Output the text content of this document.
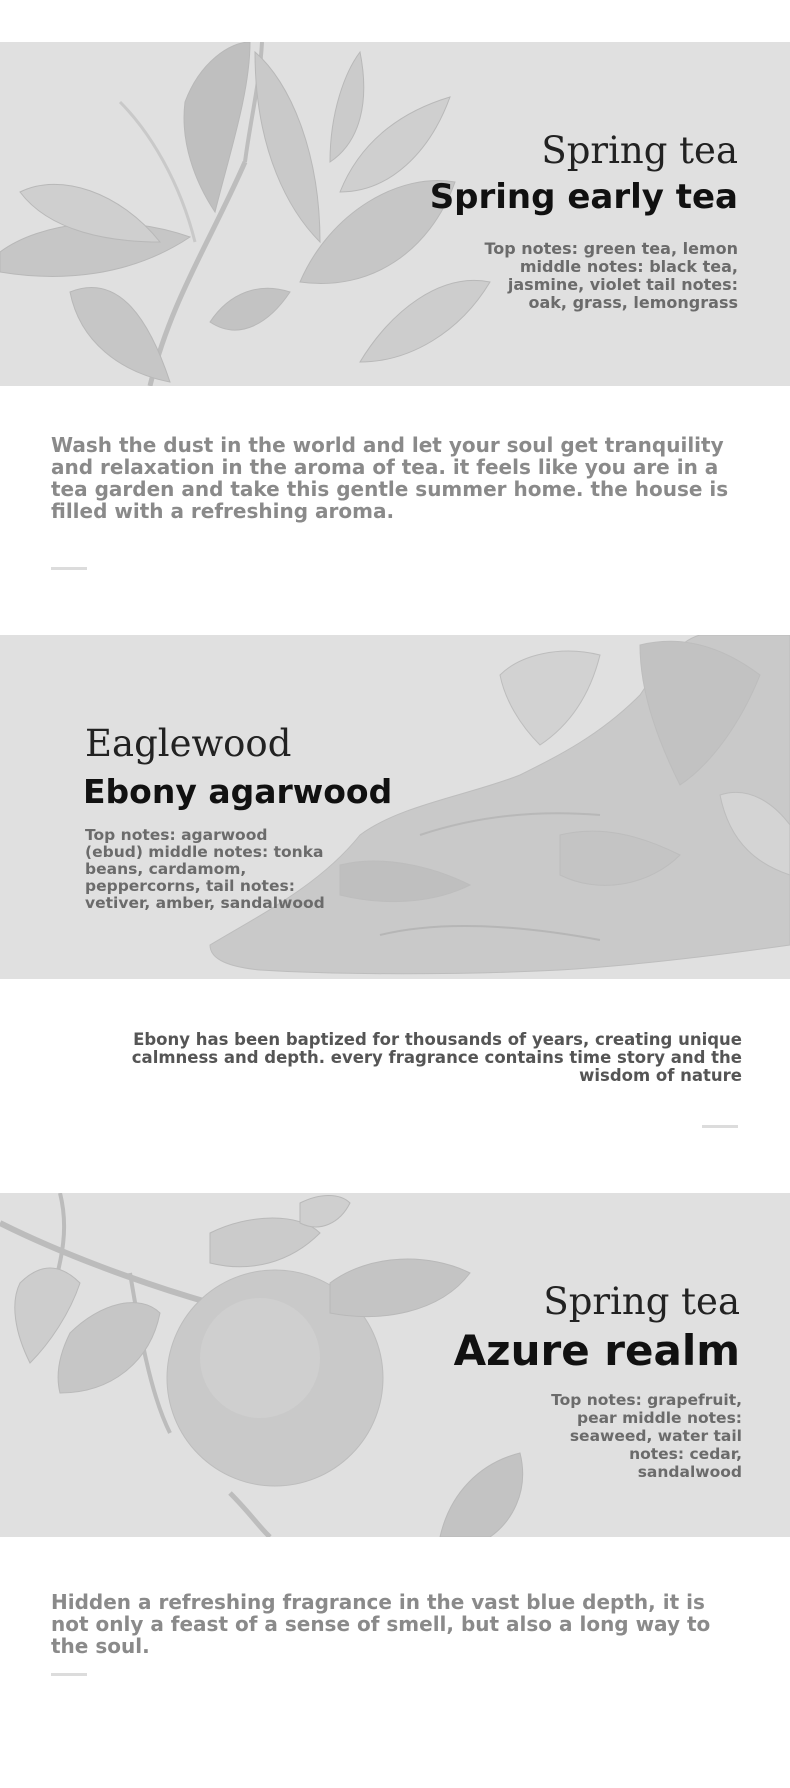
Spring tea
Spring early tea
Top notes: green tea, lemon middle notes: black tea, jasmine, violet tail notes: oak, grass, lemongrass
Wash the dust in the world and let your soul get tranquility and relaxation in the aroma of tea. it feels like you are in a tea garden and take this gentle summer home. the house is filled with a refreshing aroma.
Eaglewood
Ebony agarwood
Top notes: agarwood (ebud) middle notes: tonka beans, cardamom, peppercorns, tail notes: vetiver, amber, sandalwood
Ebony has been baptized for thousands of years, creating unique calmness and depth. every fragrance contains time story and the wisdom of nature
Spring tea
Azure realm
Top notes: grapefruit, pear middle notes: seaweed, water tail notes: cedar, sandalwood
Hidden a refreshing fragrance in the vast blue depth, it is not only a feast of a sense of smell, but also a long way to the soul.
